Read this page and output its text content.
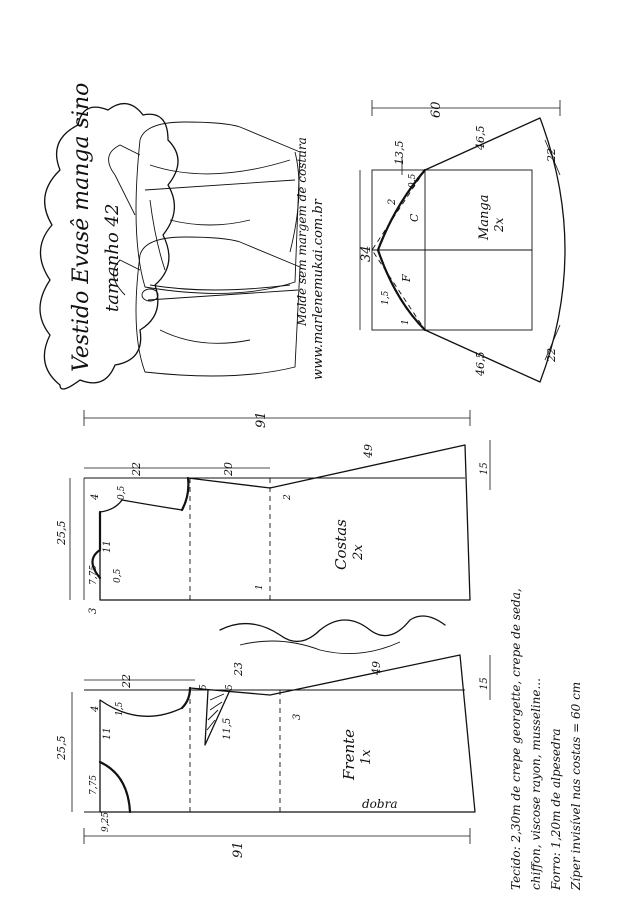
Vestido Evasê manga sino tamanho 42	www.marlenemukai.com.br
Molde sem margem de costura
60
34
13,5
46,5
46,5
22
22
2
0,5
1,5
1
C
F
Manga 2x
91
25,5
11
7,75
4 0,5
0,5
22	20
2
1
49
15
3
Costas 2x
91
25,5
11
7,75
4 1,5
9,25
22	5 5
11,5
23	49
15
3
Frente 1x
dobra	Tecido: 2,30m de crepe georgette, crepe de seda, chiffon, viscose rayon, musseline... Forro: 1,20m de alpesedra Zíper invisível nas costas = 60 cm
